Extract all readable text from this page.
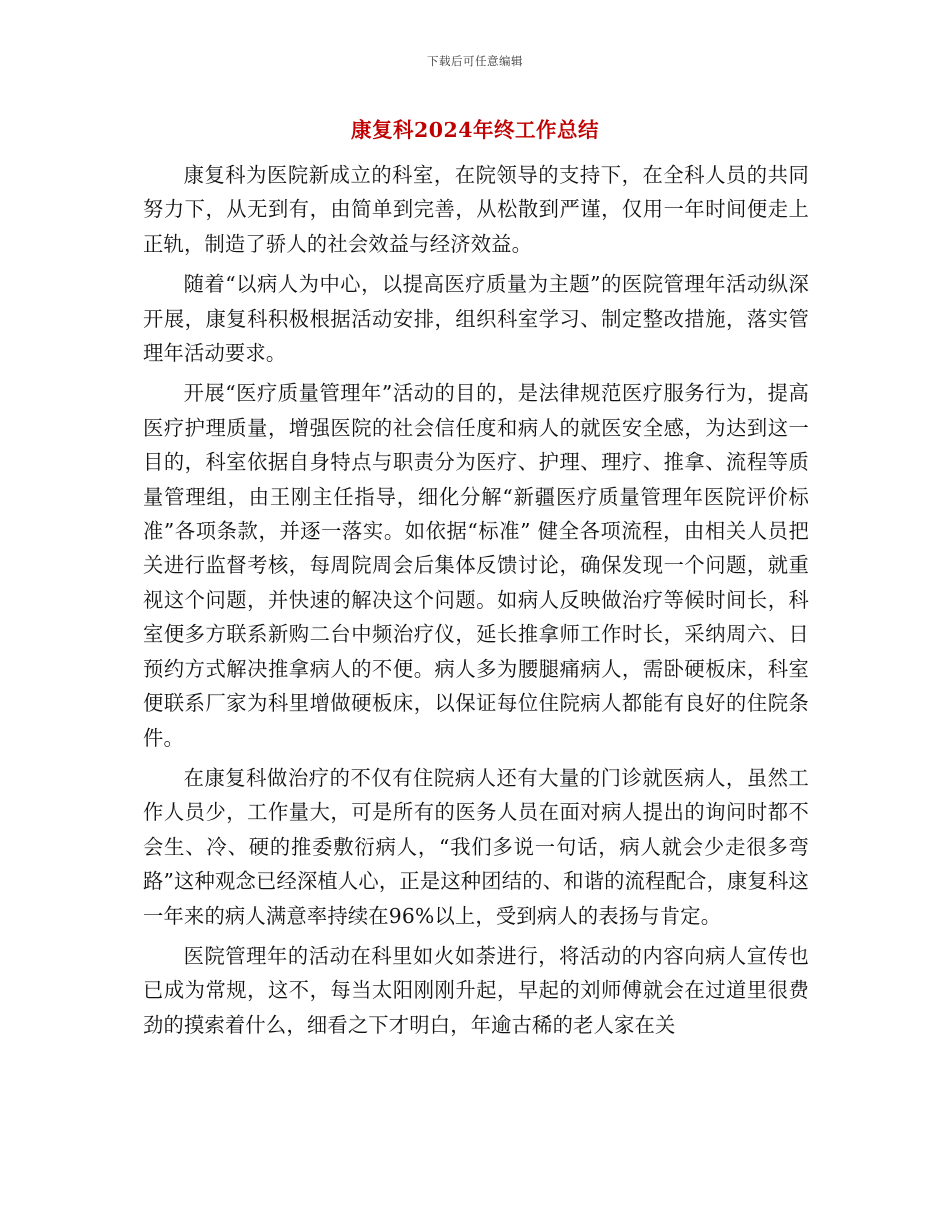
下载后可任意编辑
康复科2024年终工作总结

康复科为医院新成立的科室，在院领导的支持下，在全科人员的共同努力下，从无到有，由简单到完善，从松散到严谨，仅用一年时间便走上正轨，制造了骄人的社会效益与经济效益。

随着“以病人为中心，以提高医疗质量为主题”的医院管理年活动纵深开展，康复科积极根据活动安排，组织科室学习、制定整改措施，落实管理年活动要求。

开展“医疗质量管理年”活动的目的，是法律规范医疗服务行为，提高医疗护理质量，增强医院的社会信任度和病人的就医安全感，为达到这一目的，科室依据自身特点与职责分为医疗、护理、理疗、推拿、流程等质量管理组，由王刚主任指导，细化分解“新疆医疗质量管理年医院评价标准”各项条款，并逐一落实。如依据“标准” 健全各项流程，由相关人员把关进行监督考核，每周院周会后集体反馈讨论，确保发现一个问题，就重视这个问题，并快速的解决这个问题。如病人反映做治疗等候时间长，科室便多方联系新购二台中频治疗仪，延长推拿师工作时长，采纳周六、日预约方式解决推拿病人的不便。病人多为腰腿痛病人，需卧硬板床，科室便联系厂家为科里增做硬板床，以保证每位住院病人都能有良好的住院条件。

在康复科做治疗的不仅有住院病人还有大量的门诊就医病人，虽然工作人员少，工作量大，可是所有的医务人员在面对病人提出的询问时都不会生、冷、硬的推委敷衍病人，“我们多说一句话，病人就会少走很多弯路”这种观念已经深植人心，正是这种团结的、和谐的流程配合，康复科这一年来的病人满意率持续在96%以上，受到病人的表扬与肯定。

医院管理年的活动在科里如火如荼进行，将活动的内容向病人宣传也已成为常规，这不，每当太阳刚刚升起，早起的刘师傅就会在过道里很费劲的摸索着什么，细看之下才明白，年逾古稀的老人家在关
